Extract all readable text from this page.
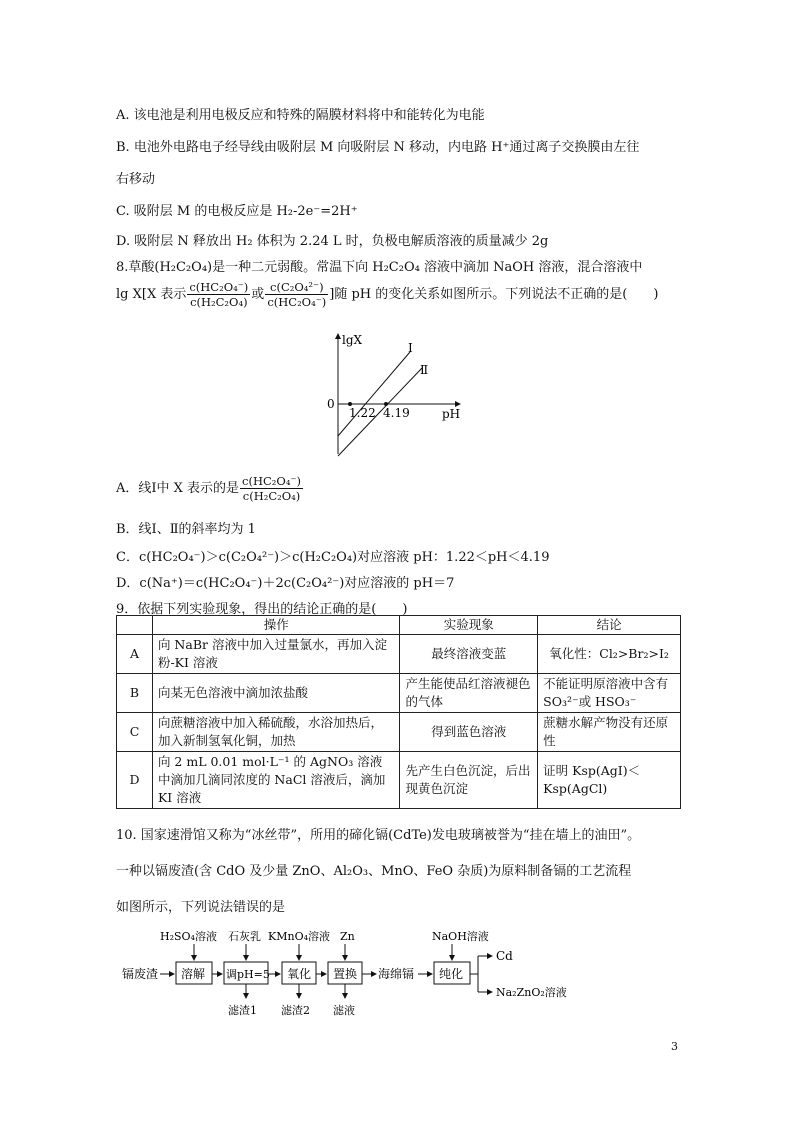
A. 该电池是利用电极反应和特殊的隔膜材料将中和能转化为电能
B. 电池外电路电子经导线由吸附层 M 向吸附层 N 移动，内电路 H⁺通过离子交换膜由左往
右移动
C. 吸附层 M 的电极反应是 H₂-2e⁻=2H⁺
D. 吸附层 N 释放出 H₂ 体积为 2.24 L 时，负极电解质溶液的质量减少 2g
8.草酸(H₂C₂O₄)是一种二元弱酸。常温下向 H₂C₂O₄ 溶液中滴加 NaOH 溶液，混合溶液中
lg X[X 表示 $\frac{\text{c(HC₂O₄⁻)}}{\text{c(H₂C₂O₄)}}$ 或 $\frac{\text{c(C₂O₄²⁻)}}{\text{c(HC₂O₄⁻)}}$ ]随 pH 的变化关系如图所示。下列说法不正确的是(　　)
lgX
pH
0
1.22 4.19
Ⅰ
Ⅱ
A．线Ⅰ中 X 表示的是 $\frac{\text{c(HC₂O₄⁻)}}{\text{c(H₂C₂O₄)}}$
B．线Ⅰ、Ⅱ的斜率均为 1
C．c(HC₂O₄⁻)＞c(C₂O₄²⁻)＞c(H₂C₂O₄)对应溶液 pH：1.22＜pH＜4.19
D．c(Na⁺)＝c(HC₂O₄⁻)＋2c(C₂O₄²⁻)对应溶液的 pH＝7
9．依据下列实验现象，得出的结论正确的是(　　)
	操作	实验现象	结论
A	向 NaBr 溶液中加入过量氯水，再加入淀粉-KI 溶液	最终溶液变蓝	氧化性：Cl₂>Br₂>I₂
B	向某无色溶液中滴加浓盐酸	产生能使品红溶液褪色的气体	不能证明原溶液中含有 SO₃²⁻或 HSO₃⁻
C	向蔗糖溶液中加入稀硫酸，水浴加热后，加入新制氢氧化铜，加热	得到蓝色溶液	蔗糖水解产物没有还原性
D	向 2 mL 0.01 mol·L⁻¹ 的 AgNO₃ 溶液中滴加几滴同浓度的 NaCl 溶液后，滴加 KI 溶液	先产生白色沉淀，后出现黄色沉淀	证明 Ksp(AgI)＜Ksp(AgCl)
10. 国家速滑馆又称为“冰丝带”，所用的碲化镉(CdTe)发电玻璃被誉为“挂在墙上的油田”。
一种以镉废渣(含 CdO 及少量 ZnO、Al₂O₃、MnO、FeO 杂质)为原料制备镉的工艺流程
如图所示，下列说法错误的是
镉废渣 溶解 调pH=5 氧化 置换	纯化
海绵镉
H₂SO₄溶液 石灰乳 KMnO₄溶液 Zn	NaOH溶液
滤渣1 滤渣2 滤液
Cd
Na₂ZnO₂溶液
3
